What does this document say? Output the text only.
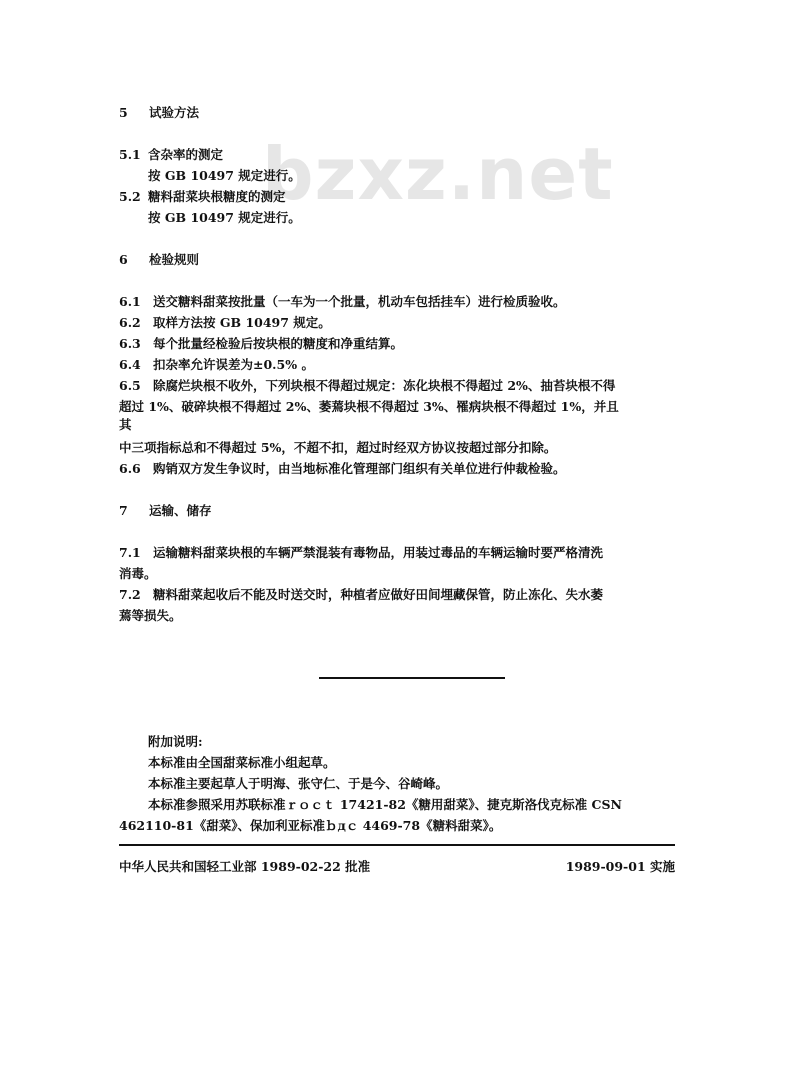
bzxz.net
5 试验方法
5.1 含杂率的测定
按 GB 10497 规定进行。
5.2 糖料甜菜块根糖度的测定
按 GB 10497 规定进行。
6 检验规则
6.1 送交糖料甜菜按批量（一车为一个批量，机动车包括挂车）进行检质验收。
6.2 取样方法按 GB 10497 规定。
6.3 每个批量经检验后按块根的糖度和净重结算。
6.4 扣杂率允许误差为±0.5% 。
6.5 除腐烂块根不收外，下列块根不得超过规定：冻化块根不得超过 2%、抽苔块根不得
超过 1%、破碎块根不得超过 2%、萎蔫块根不得超过 3%、罹病块根不得超过 1%，并且
其
中三项指标总和不得超过 5%，不超不扣，超过时经双方协议按超过部分扣除。
6.6 购销双方发生争议时，由当地标准化管理部门组织有关单位进行仲裁检验。
7 运输、储存
7.1 运输糖料甜菜块根的车辆严禁混装有毒物品，用装过毒品的车辆运输时要严格清洗
消毒。
7.2 糖料甜菜起收后不能及时送交时，种植者应做好田间埋藏保管，防止冻化、失水萎
蔫等损失。
附加说明:
本标准由全国甜菜标准小组起草。
本标准主要起草人于明海、张守仁、于是今、谷崎峰。
本标准参照采用苏联标准ｒｏｃｔ 17421-82《糖用甜菜》、捷克斯洛伐克标准 CSN
462110-81《甜菜》、保加利亚标准ｂдｃ 4469-78《糖料甜菜》。
中华人民共和国轻工业部 1989-02-22 批准	1989-09-01 实施
